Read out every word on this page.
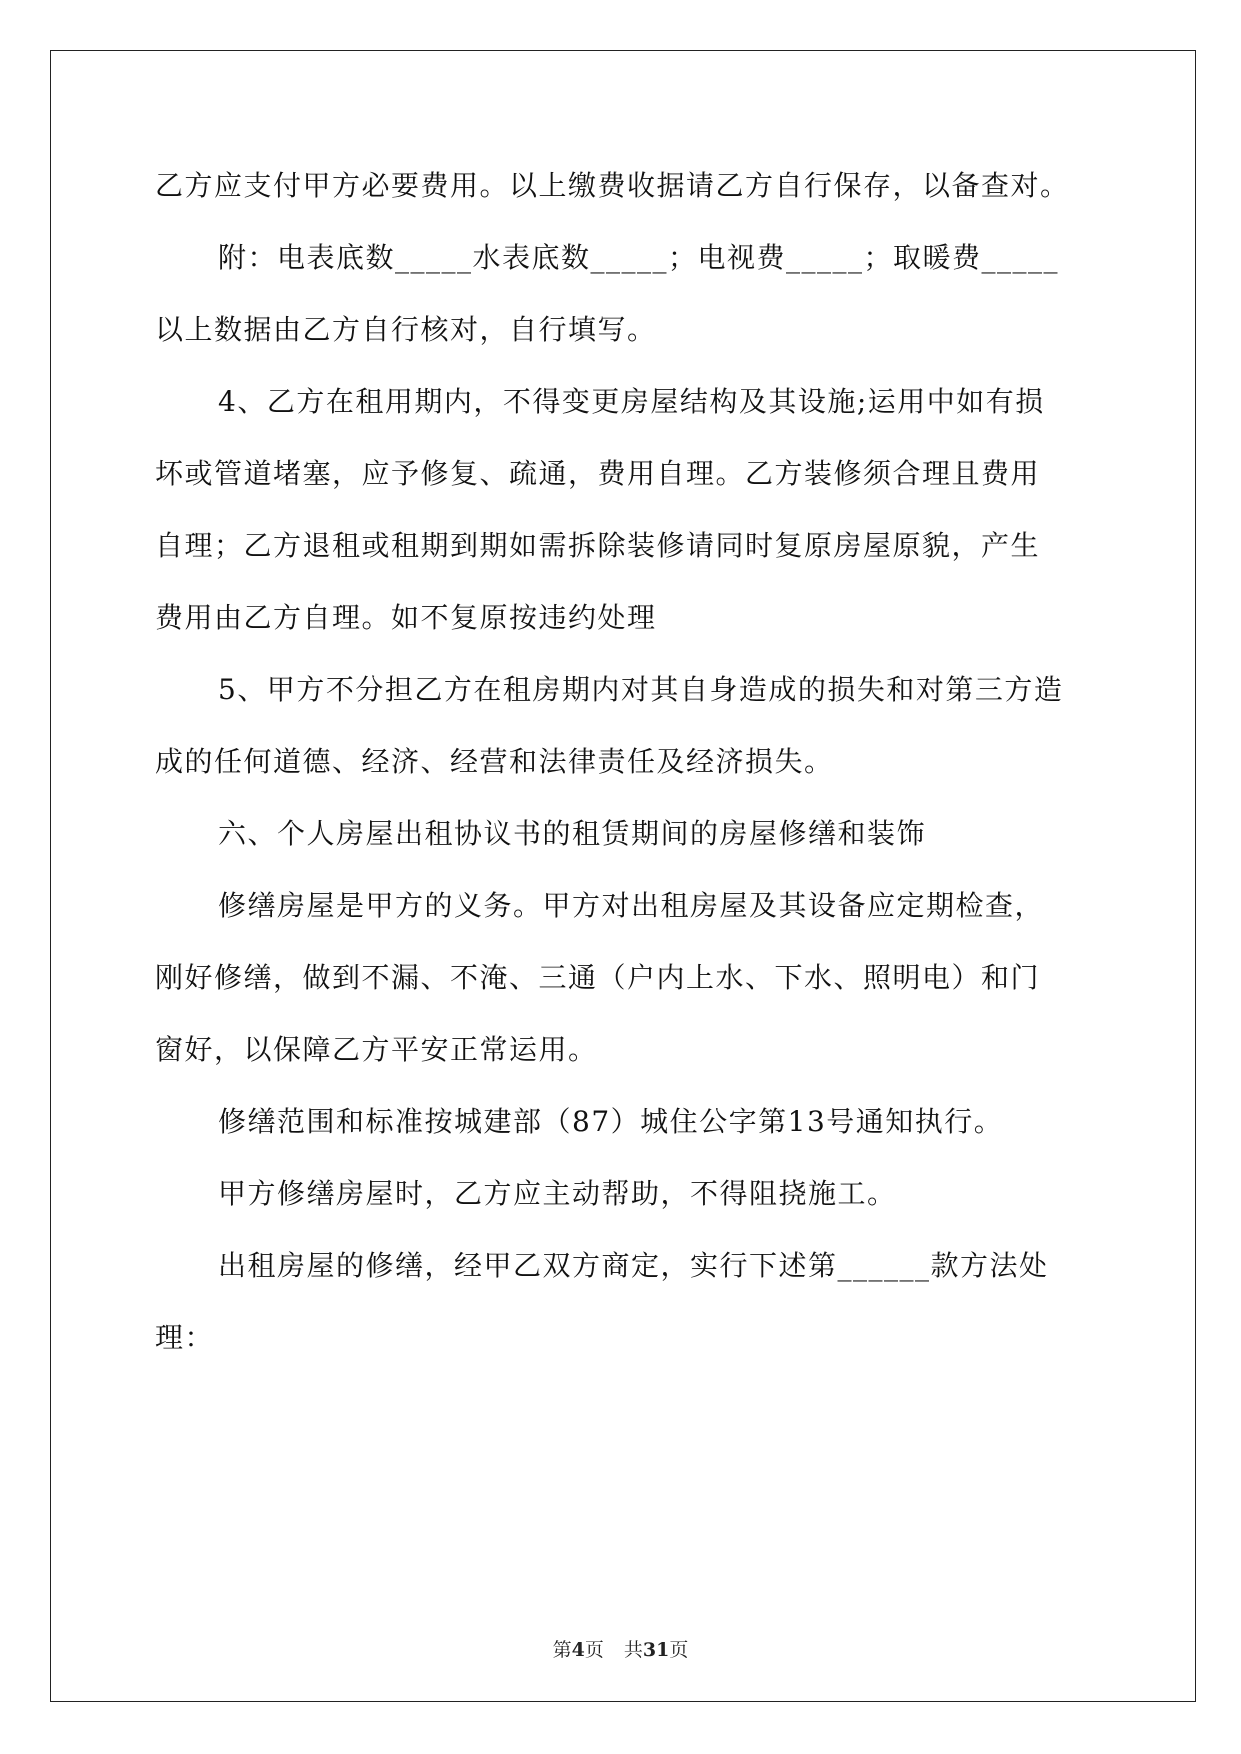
乙方应支付甲方必要费用。以上缴费收据请乙方自行保存，以备查对。
附：电表底数_____水表底数_____；电视费_____；取暖费_____
以上数据由乙方自行核对，自行填写。
4、乙方在租用期内，不得变更房屋结构及其设施;运用中如有损
坏或管道堵塞，应予修复、疏通，费用自理。乙方装修须合理且费用
自理；乙方退租或租期到期如需拆除装修请同时复原房屋原貌，产生
费用由乙方自理。如不复原按违约处理
5、甲方不分担乙方在租房期内对其自身造成的损失和对第三方造
成的任何道德、经济、经营和法律责任及经济损失。
六、个人房屋出租协议书的租赁期间的房屋修缮和装饰
修缮房屋是甲方的义务。甲方对出租房屋及其设备应定期检查，
刚好修缮，做到不漏、不淹、三通（户内上水、下水、照明电）和门
窗好，以保障乙方平安正常运用。
修缮范围和标准按城建部（87）城住公字第13号通知执行。
甲方修缮房屋时，乙方应主动帮助，不得阻挠施工。
出租房屋的修缮，经甲乙双方商定，实行下述第______款方法处
理：
第4页 共31页
